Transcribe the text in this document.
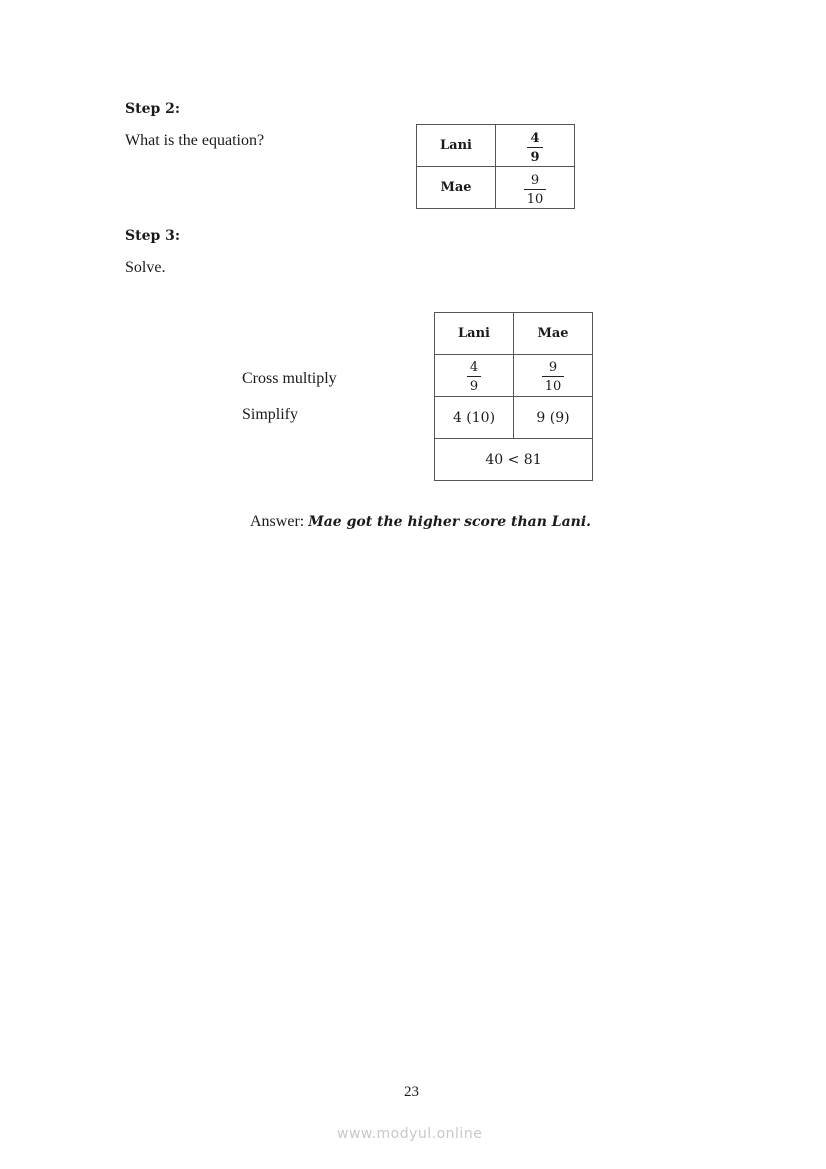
Step 2:
What is the equation?	Lani	$\frac{4}{9}$

Mae	$\frac{9}{10}$
Step 3:
Solve.
Cross multiply
Simplify
Lani	Mae

$\frac{4}{9}$	$\frac{9}{10}$

4 (10)	9 (9)
40 < 81	
Answer: Mae got the higher score than Lani.
23
www.modyul.online
